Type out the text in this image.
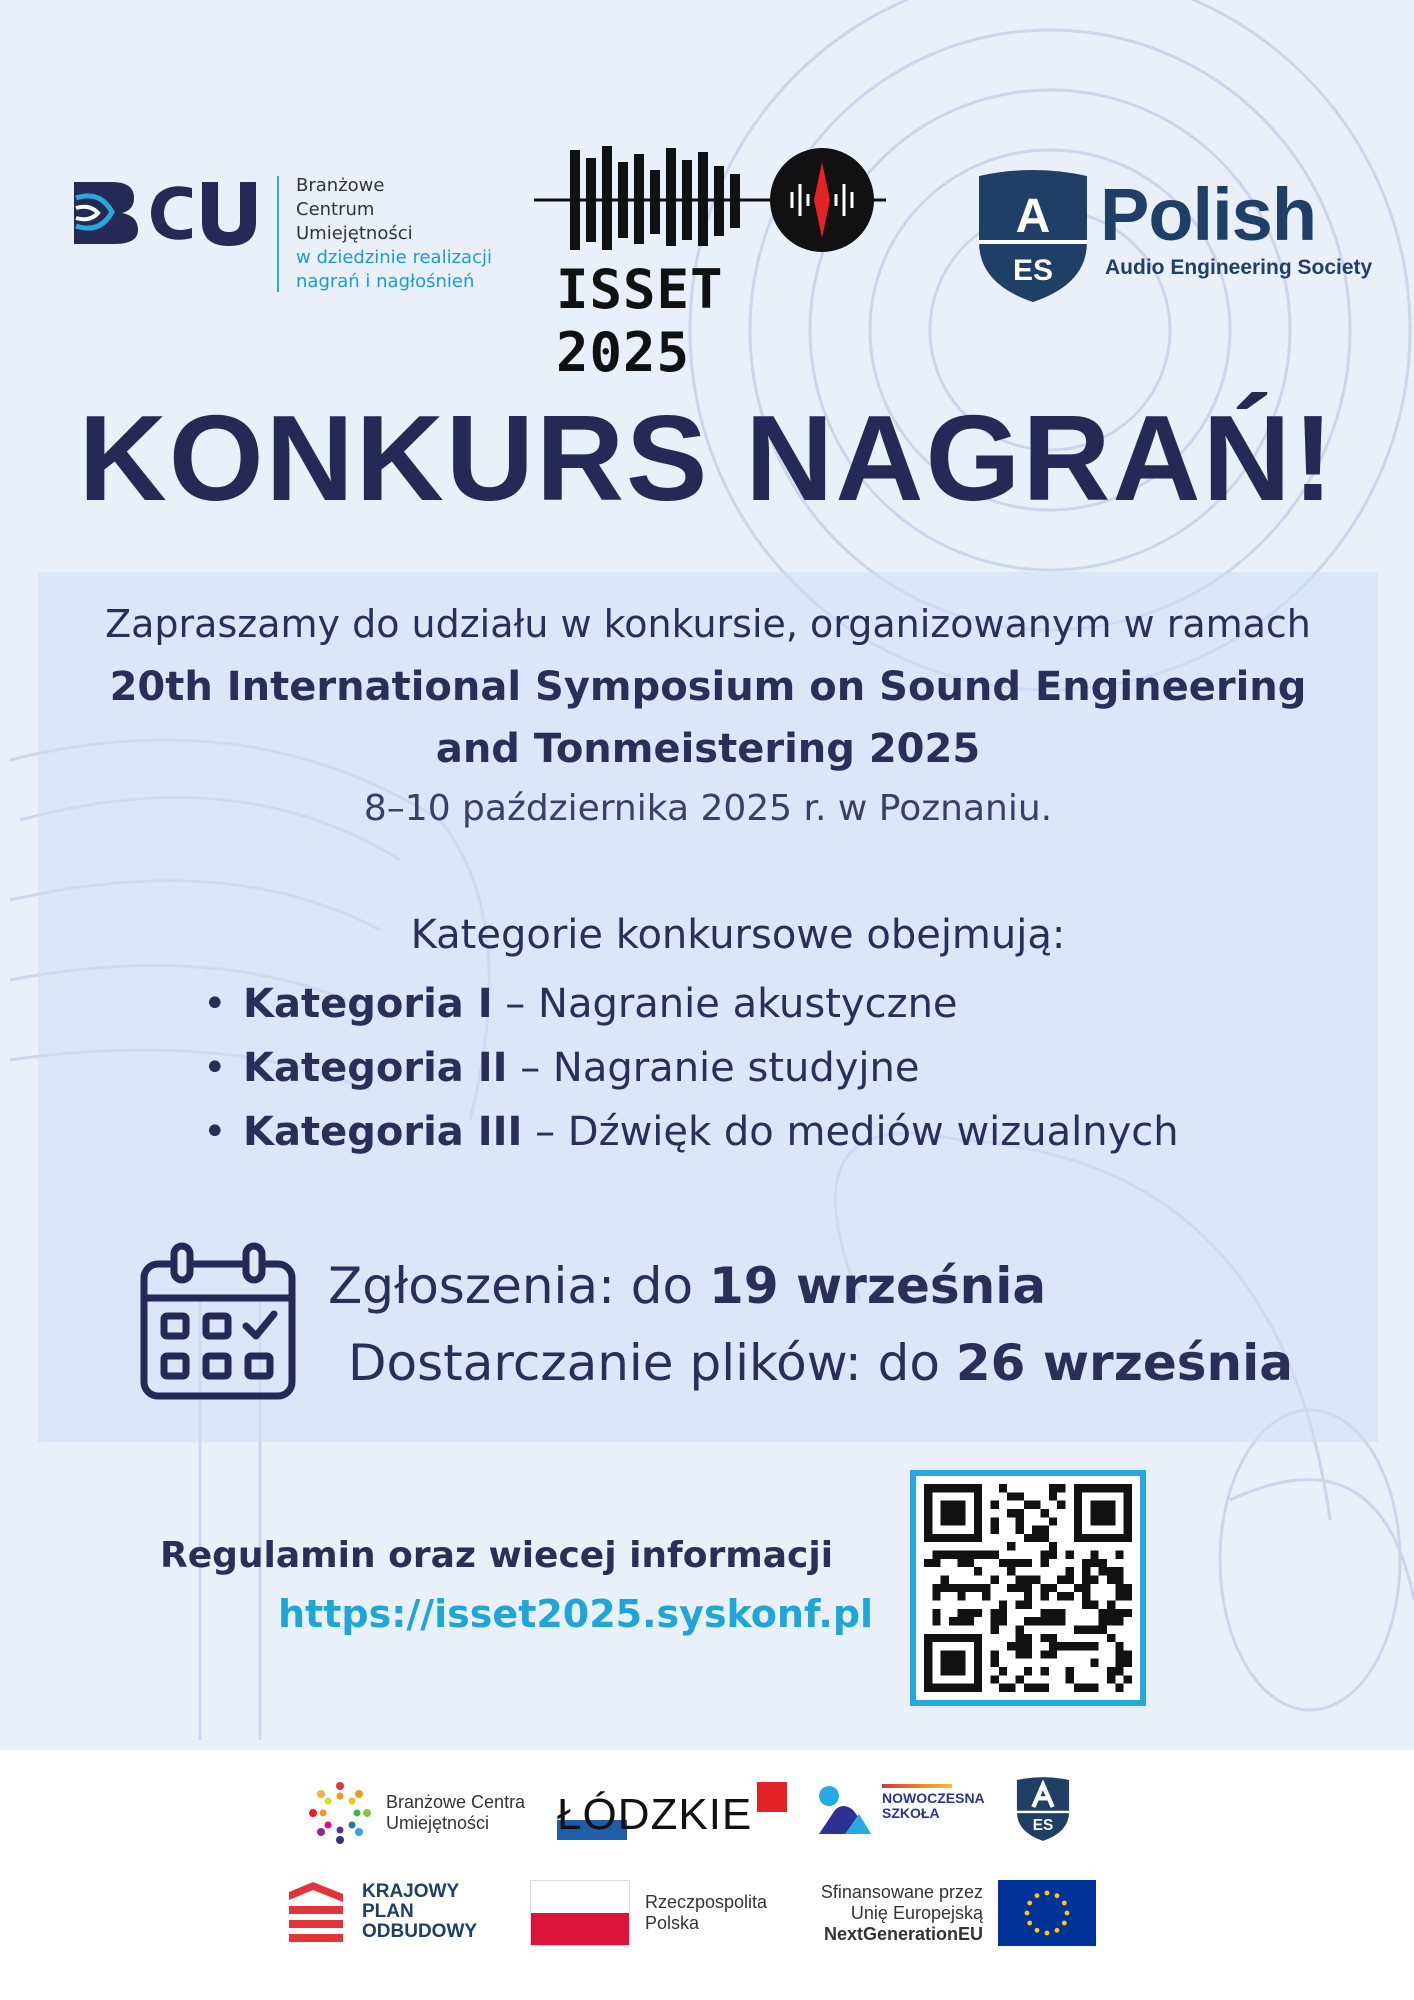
Branżowe
Centrum
Umiejętności
w dziedzinie realizacji
nagrań i nagłośnień	ISSET 2025
A
ES
Polish
Audio Engineering Society
KONKURS NAGRAŃ!
Zapraszamy do udziału w konkursie, organizowanym w ramach
20th International Symposium on Sound Engineering
and Tonmeistering 2025
8–10 października 2025 r. w Poznaniu.
Kategorie konkursowe obejmują:
• Kategoria I – Nagranie akustyczne
• Kategoria II – Nagranie studyjne
• Kategoria III – Dźwięk do mediów wizualnych
Zgłoszenia: do 19 września
Dostarczanie plików: do 26 września
Regulamin oraz wiecej informacji
https://isset2025.syskonf.pl
Branżowe Centra
Umiejętności	ŁÓDZKIE	NOWOCZESNA
SZKOŁA
ES
KRAJOWY
PLAN
ODBUDOWY
Rzeczpospolita
Polska
Sfinansowane przez
Unię Europejską
NextGenerationEU
